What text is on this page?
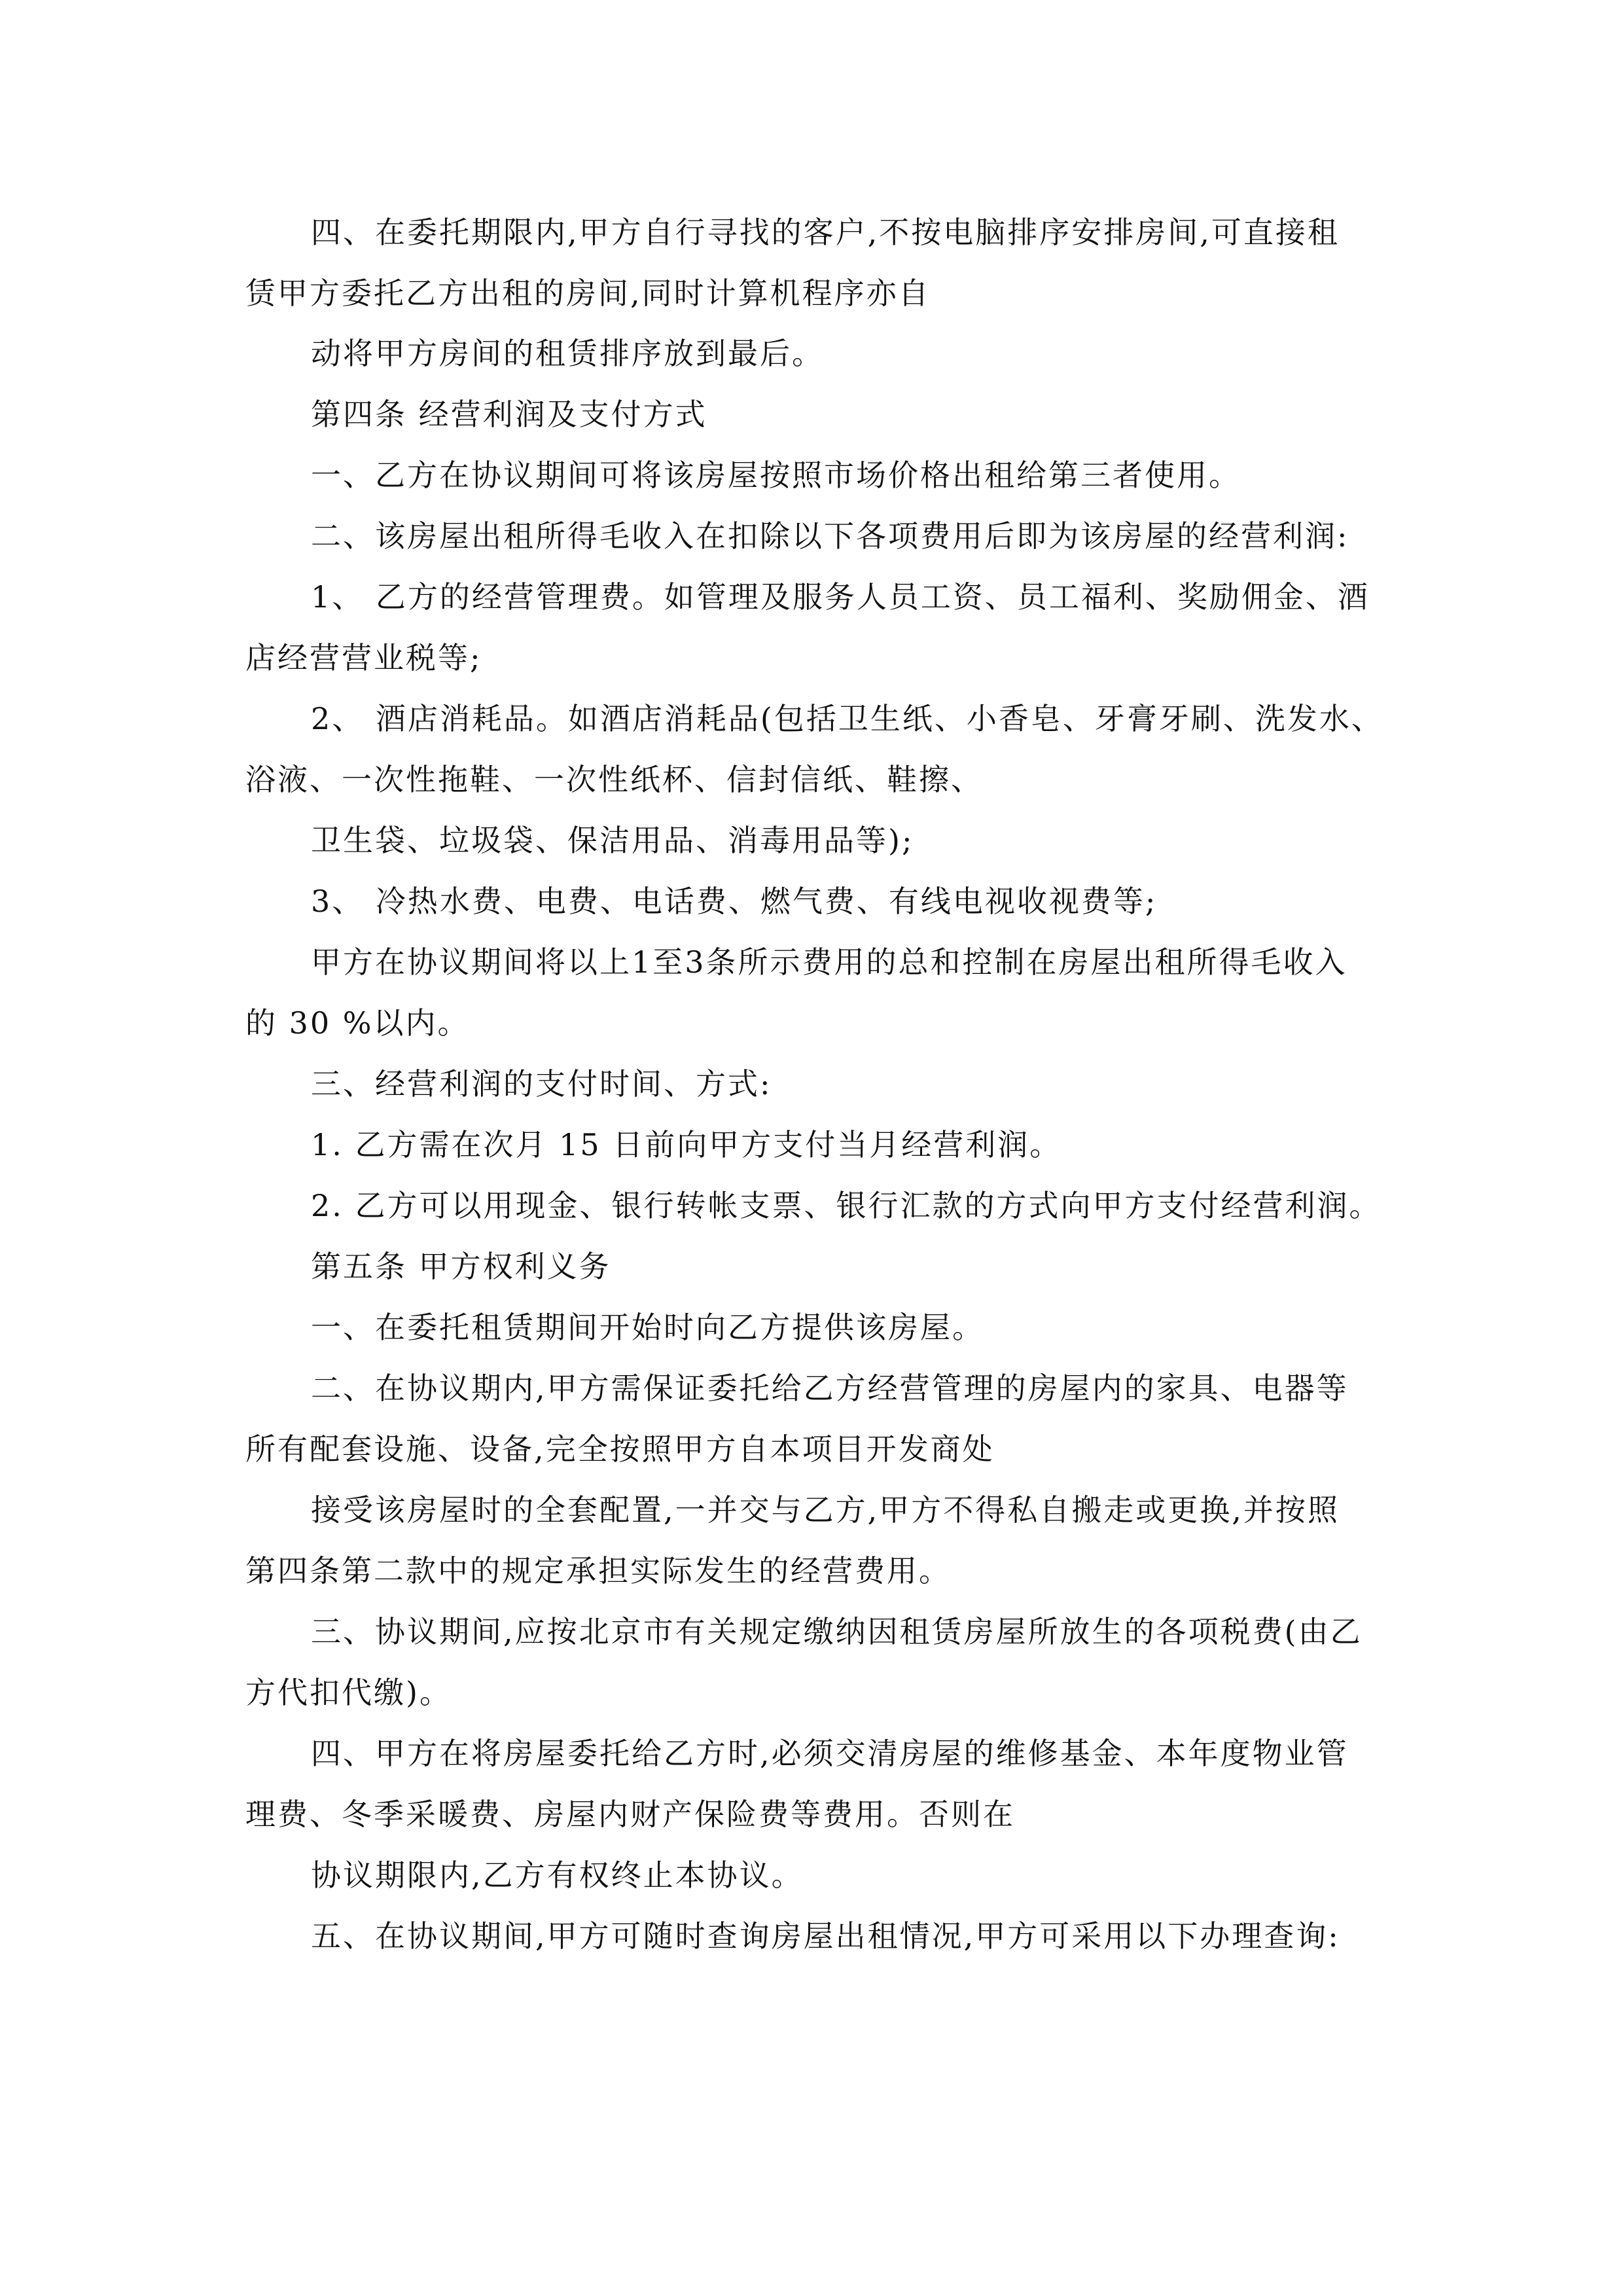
四、在委托期限内,甲方自行寻找的客户,不按电脑排序安排房间,可直接租
赁甲方委托乙方出租的房间,同时计算机程序亦自
动将甲方房间的租赁排序放到最后。
第四条 经营利润及支付方式
一、乙方在协议期间可将该房屋按照市场价格出租给第三者使用。
二、该房屋出租所得毛收入在扣除以下各项费用后即为该房屋的经营利润:
1、 乙方的经营管理费。如管理及服务人员工资、员工福利、奖励佣金、酒
店经营营业税等;
2、 酒店消耗品。如酒店消耗品(包括卫生纸、小香皂、牙膏牙刷、洗发水、
浴液、一次性拖鞋、一次性纸杯、信封信纸、鞋擦、
卫生袋、垃圾袋、保洁用品、消毒用品等);
3、 冷热水费、电费、电话费、燃气费、有线电视收视费等;
甲方在协议期间将以上1至3条所示费用的总和控制在房屋出租所得毛收入
的 30 %以内。
三、经营利润的支付时间、方式:
1. 乙方需在次月 15 日前向甲方支付当月经营利润。
2. 乙方可以用现金、银行转帐支票、银行汇款的方式向甲方支付经营利润。
第五条 甲方权利义务
一、在委托租赁期间开始时向乙方提供该房屋。
二、在协议期内,甲方需保证委托给乙方经营管理的房屋内的家具、电器等
所有配套设施、设备,完全按照甲方自本项目开发商处
接受该房屋时的全套配置,一并交与乙方,甲方不得私自搬走或更换,并按照
第四条第二款中的规定承担实际发生的经营费用。
三、协议期间,应按北京市有关规定缴纳因租赁房屋所放生的各项税费(由乙
方代扣代缴)。
四、甲方在将房屋委托给乙方时,必须交清房屋的维修基金、本年度物业管
理费、冬季采暖费、房屋内财产保险费等费用。否则在
协议期限内,乙方有权终止本协议。
五、在协议期间,甲方可随时查询房屋出租情况,甲方可采用以下办理查询:
